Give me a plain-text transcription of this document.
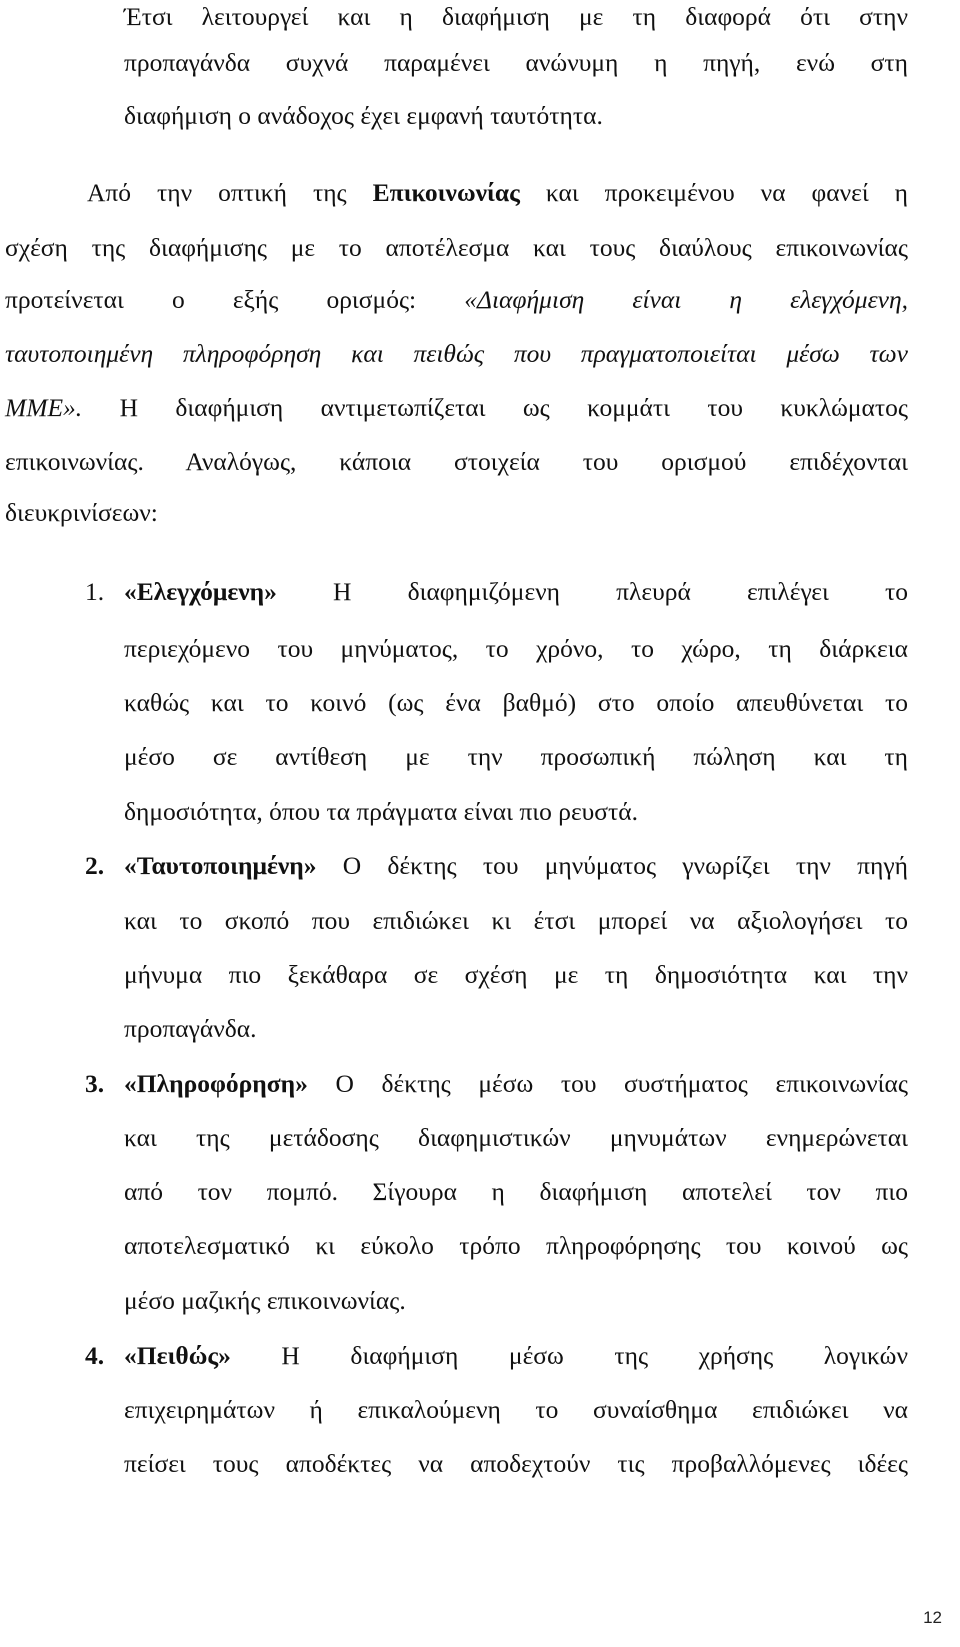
Έτσι λειτουργεί και η διαφήμιση με τη διαφορά ότι στην
προπαγάνδα συχνά παραμένει ανώνυμη η πηγή, ενώ στη
διαφήμιση ο ανάδοχος έχει εμφανή ταυτότητα.
Από την οπτική της Επικοινωνίας και προκειμένου να φανεί η
σχέση της διαφήμισης με το αποτέλεσμα και τους διαύλους επικοινωνίας
προτείνεται ο εξής ορισμός: «Διαφήμιση είναι η ελεγχόμενη,
ταυτοποιημένη πληροφόρηση και πειθώς που πραγματοποιείται μέσω των
ΜΜΕ». Η διαφήμιση αντιμετωπίζεται ως κομμάτι του κυκλώματος
επικοινωνίας. Αναλόγως, κάποια στοιχεία του ορισμού επιδέχονται
διευκρινίσεων:
1. «Ελεγχόμενη» Η διαφημιζόμενη πλευρά επιλέγει το
περιεχόμενο του μηνύματος, το χρόνο, το χώρο, τη διάρκεια
καθώς και το κοινό (ως ένα βαθμό) στο οποίο απευθύνεται το
μέσο σε αντίθεση με την προσωπική πώληση και τη
δημοσιότητα, όπου τα πράγματα είναι πιο ρευστά.
2. «Ταυτοποιημένη» Ο δέκτης του μηνύματος γνωρίζει την πηγή
και το σκοπό που επιδιώκει κι έτσι μπορεί να αξιολογήσει το
μήνυμα πιο ξεκάθαρα σε σχέση με τη δημοσιότητα και την
προπαγάνδα.
3. «Πληροφόρηση» Ο δέκτης μέσω του συστήματος επικοινωνίας
και της μετάδοσης διαφημιστικών μηνυμάτων ενημερώνεται
από τον πομπό. Σίγουρα η διαφήμιση αποτελεί τον πιο
αποτελεσματικό κι εύκολο τρόπο πληροφόρησης του κοινού ως
μέσο μαζικής επικοινωνίας.
4. «Πειθώς» Η διαφήμιση μέσω της χρήσης λογικών
επιχειρημάτων ή επικαλούμενη το συναίσθημα επιδιώκει να
πείσει τους αποδέκτες να αποδεχτούν τις προβαλλόμενες ιδέες
12
